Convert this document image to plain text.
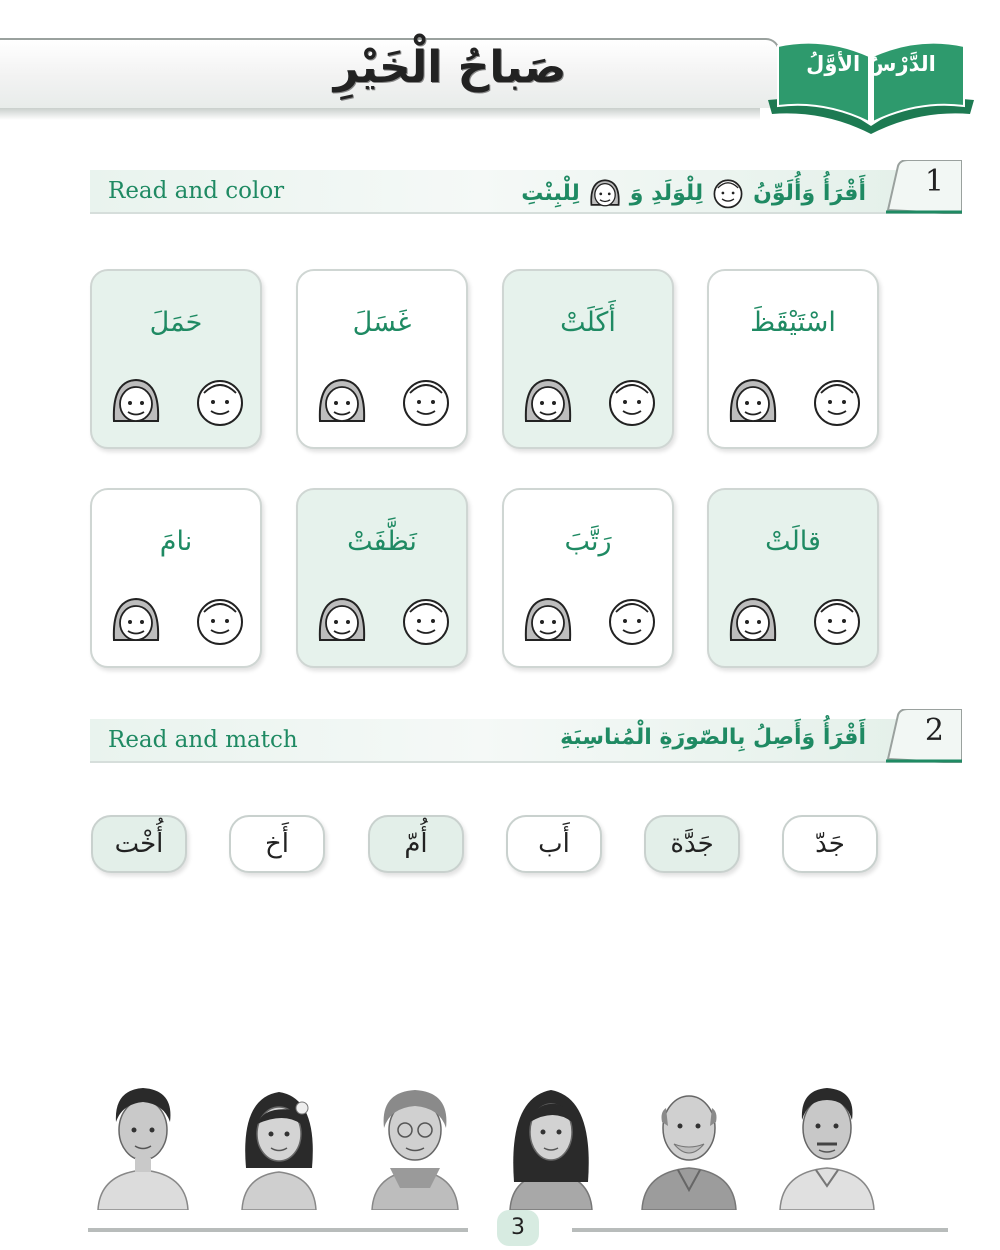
صَباحُ الْخَيْرِ	الدَّرْسُ الأوَّلُ
Read and color	أَقْرَأُ وَأُلَوِّنُ
لِلْوَلَدِ وَ
لِلْبِنْتِ	1
اسْتَيْقَظَ
أَكَلَتْ
غَسَلَ
حَمَلَ
قالَتْ
رَتَّبَ
نَظَّفَتْ
نامَ
Read and match	أَقْرَأُ وَأَصِلُ بِالصّورَةِ الْمُناسِبَةِ 2
جَدّ
جَدَّة
أَب
أُمّ
أَخ
أُخْت
3
